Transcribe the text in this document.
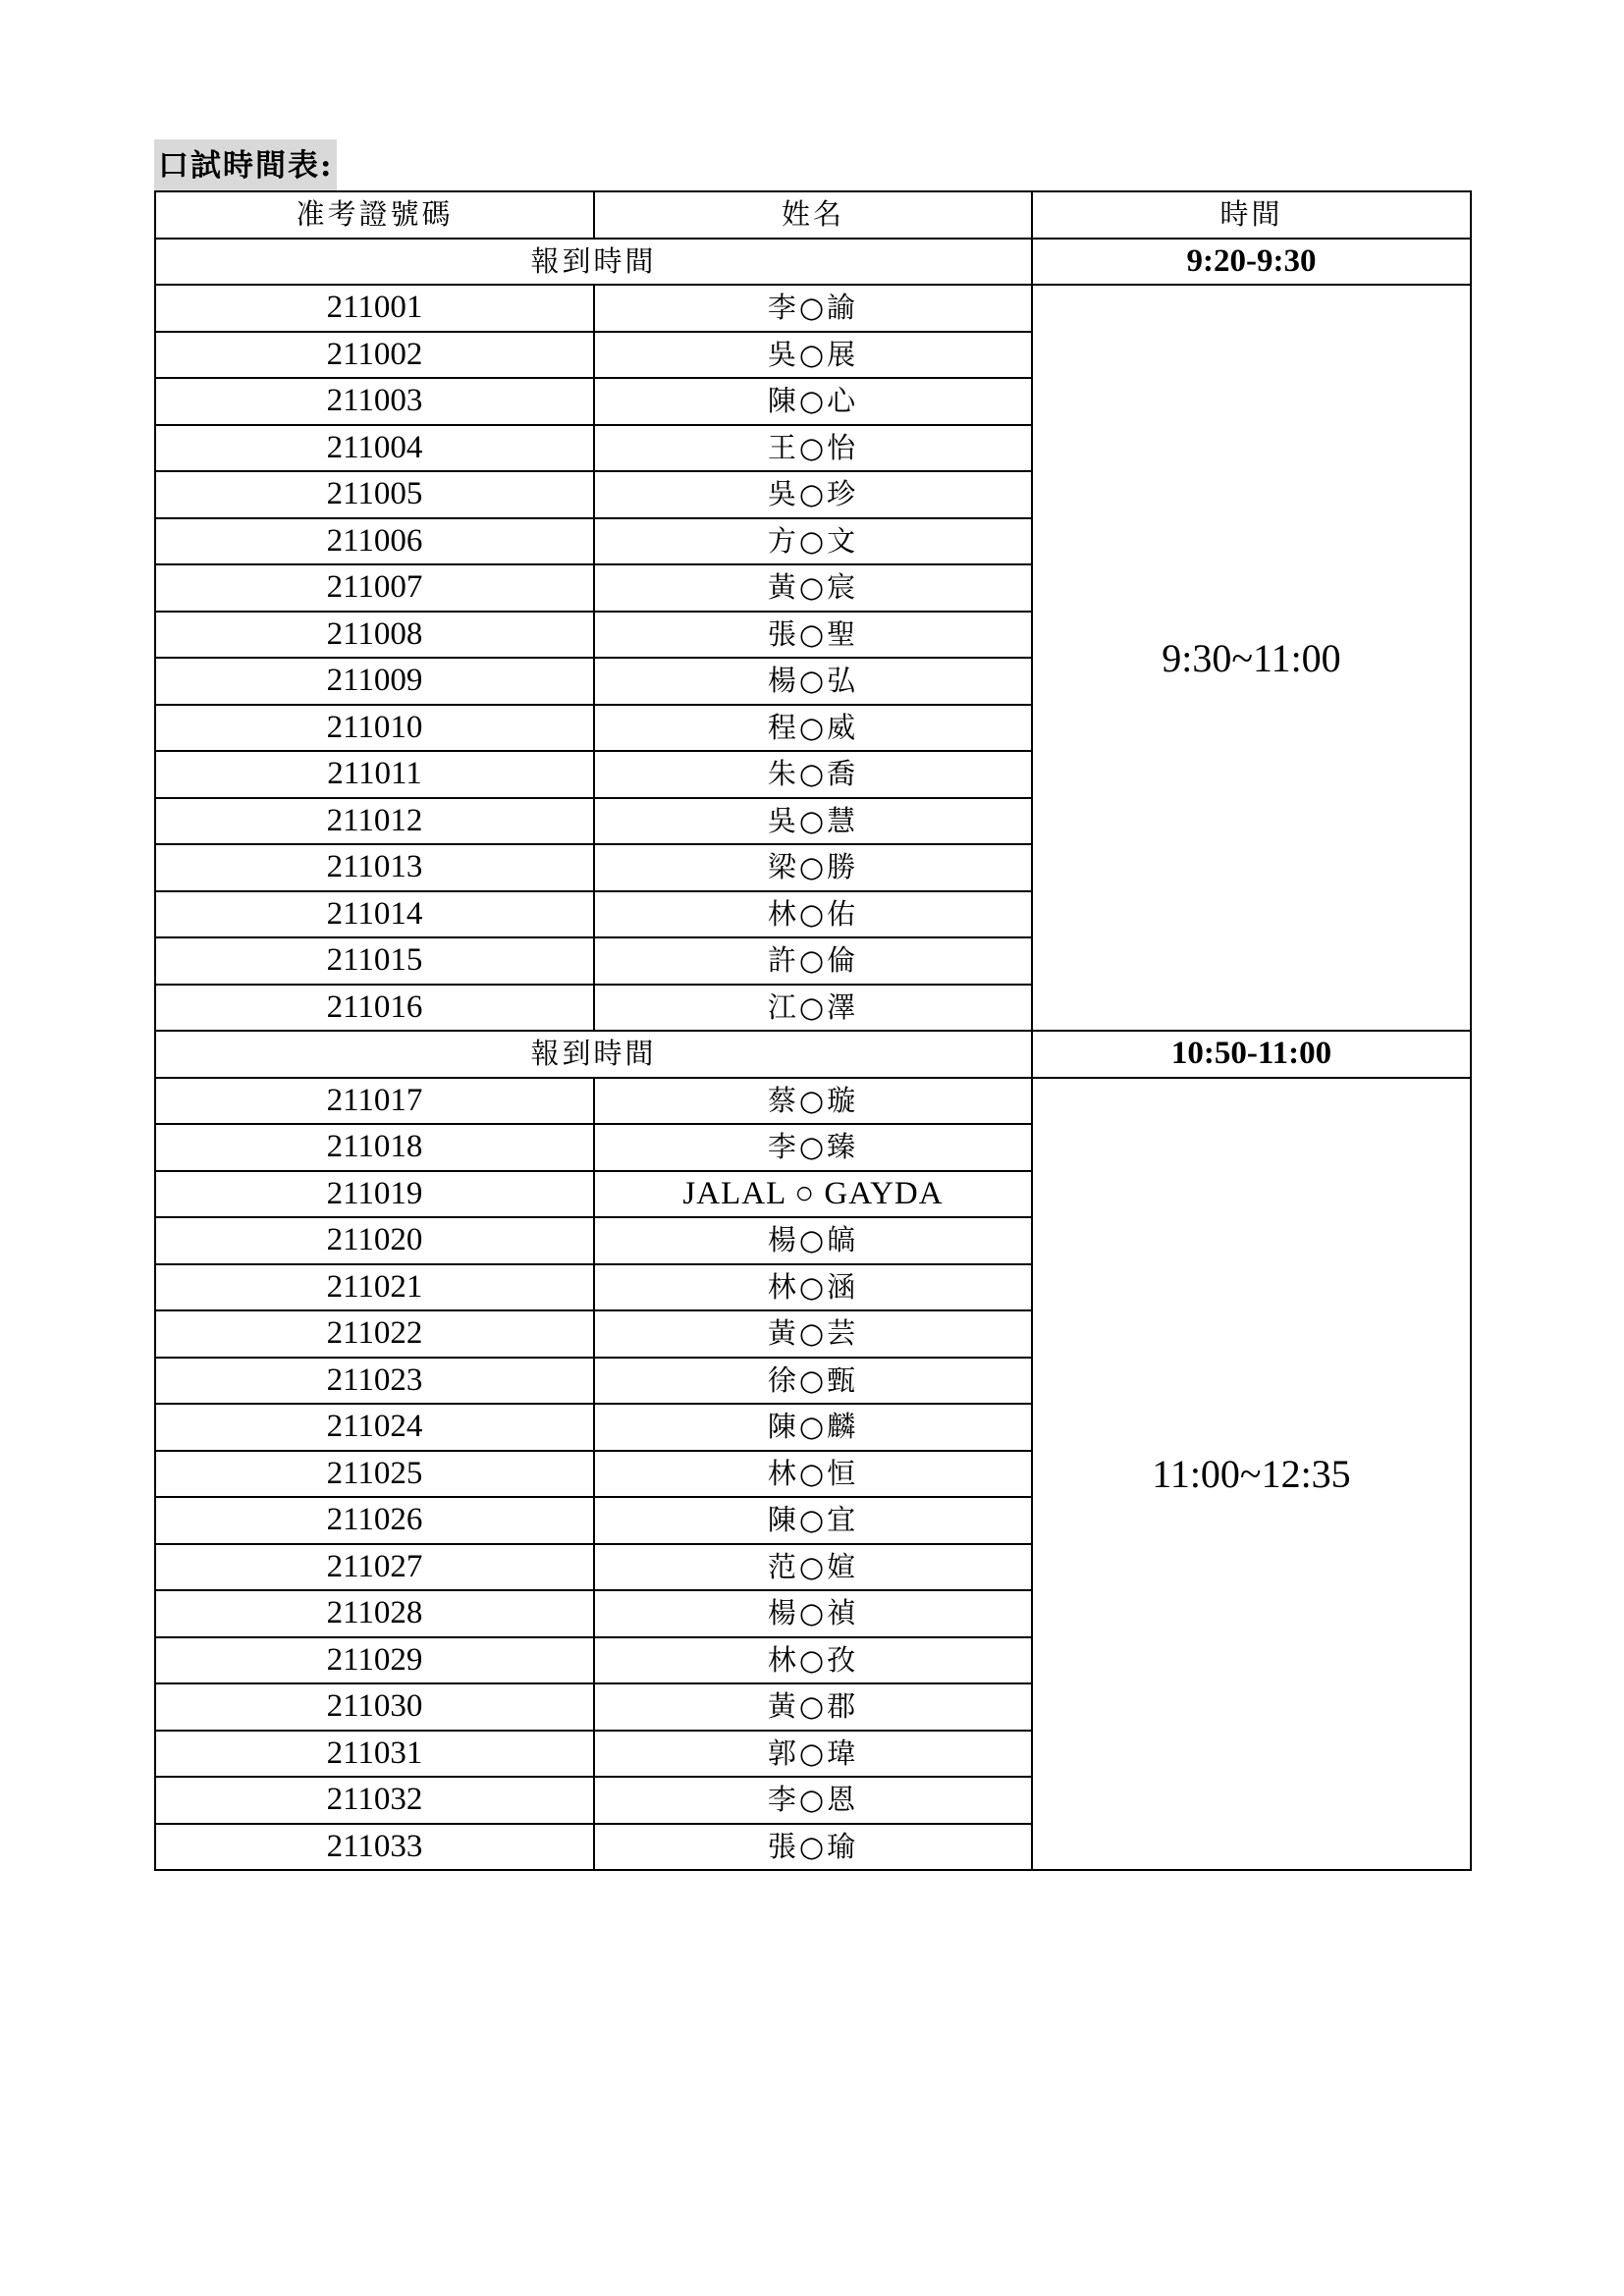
口試時間表:
准考證號碼	姓名	時間
報到時間		9:20-9:30
211001	李○諭	9:30~11:00
211002	吳○展	
211003	陳○心	
211004	王○怡	
211005	吳○珍	
211006	方○文	
211007	黃○宸	
211008	張○聖	
211009	楊○弘	
211010	程○威	
211011	朱○喬	
211012	吳○慧	
211013	梁○勝	
211014	林○佑	
211015	許○倫	
211016	江○澤	
報到時間		10:50-11:00
211017	蔡○璇	11:00~12:35
211018	李○臻	
211019	JALAL ○ GAYDA	
211020	楊○皜	
211021	林○涵	
211022	黃○芸	
211023	徐○甄	
211024	陳○麟	
211025	林○恒	
211026	陳○宜	
211027	范○媗	
211028	楊○禎	
211029	林○孜	
211030	黃○郡	
211031	郭○瑋	
211032	李○恩	
211033	張○瑜	
